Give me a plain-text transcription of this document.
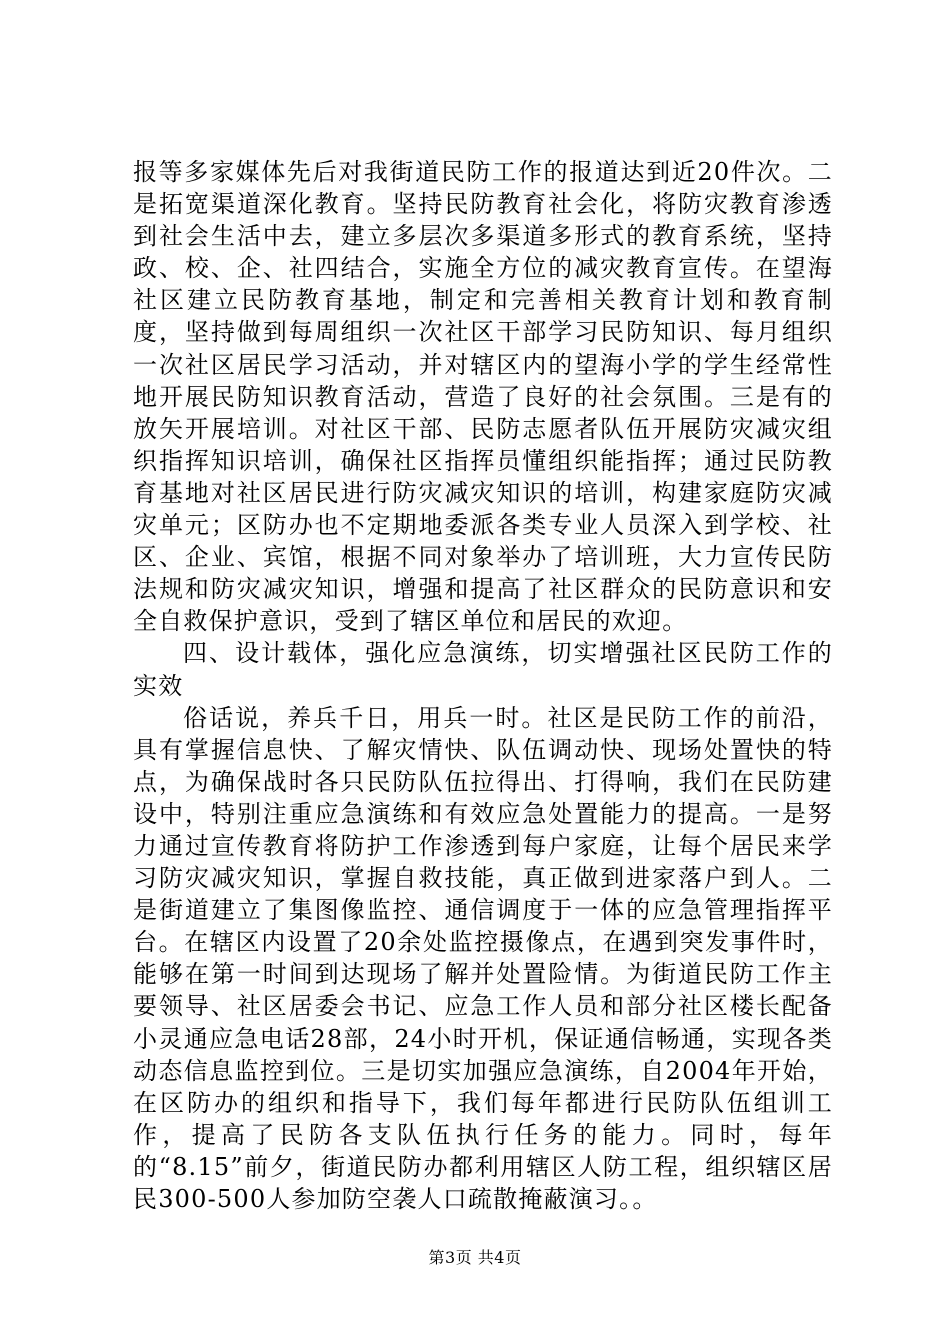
报等多家媒体先后对我街道民防工作的报道达到近20件次。二是拓宽渠道深化教育。坚持民防教育社会化，将防灾教育渗透到社会生活中去，建立多层次多渠道多形式的教育系统，坚持政、校、企、社四结合，实施全方位的减灾教育宣传。在望海社区建立民防教育基地，制定和完善相关教育计划和教育制度，坚持做到每周组织一次社区干部学习民防知识、每月组织一次社区居民学习活动，并对辖区内的望海小学的学生经常性地开展民防知识教育活动，营造了良好的社会氛围。三是有的放矢开展培训。对社区干部、民防志愿者队伍开展防灾减灾组织指挥知识培训，确保社区指挥员懂组织能指挥；通过民防教育基地对社区居民进行防灾减灾知识的培训，构建家庭防灾减灾单元；区防办也不定期地委派各类专业人员深入到学校、社区、企业、宾馆，根据不同对象举办了培训班，大力宣传民防法规和防灾减灾知识，增强和提高了社区群众的民防意识和安全自救保护意识，受到了辖区单位和居民的欢迎。

四、设计载体，强化应急演练，切实增强社区民防工作的实效

俗话说，养兵千日，用兵一时。社区是民防工作的前沿，具有掌握信息快、了解灾情快、队伍调动快、现场处置快的特点，为确保战时各只民防队伍拉得出、打得响，我们在民防建设中，特别注重应急演练和有效应急处置能力的提高。一是努力通过宣传教育将防护工作渗透到每户家庭，让每个居民来学习防灾减灾知识，掌握自救技能，真正做到进家落户到人。二是街道建立了集图像监控、通信调度于一体的应急管理指挥平台。在辖区内设置了20余处监控摄像点，在遇到突发事件时，能够在第一时间到达现场了解并处置险情。为街道民防工作主要领导、社区居委会书记、应急工作人员和部分社区楼长配备小灵通应急电话28部，24小时开机，保证通信畅通，实现各类动态信息监控到位。三是切实加强应急演练，自2004年开始，在区防办的组织和指导下，我们每年都进行民防队伍组训工作，提高了民防各支队伍执行任务的能力。同时，每年的“8.15”前夕，街道民防办都利用辖区人防工程，组织辖区居民300-500人参加防空袭人口疏散掩蔽演习。。

第3页 共4页
